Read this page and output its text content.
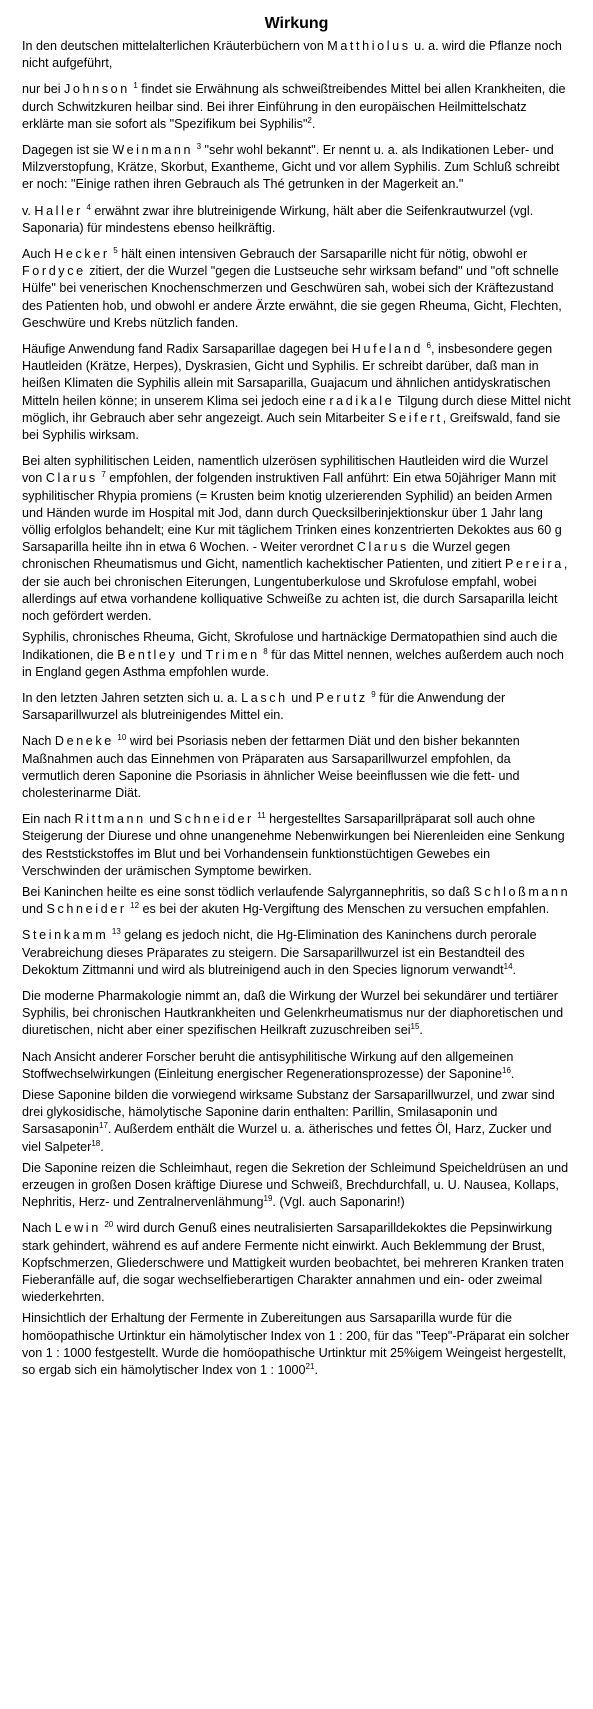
Wirkung

In den deutschen mittelalterlichen Kräuterbüchern von Matthiolus u. a. wird die Pflanze noch nicht aufgeführt,

nur bei Johnson $^1$ findet sie Erwähnung als schweißtreibendes Mittel bei allen Krankheiten, die durch Schwitzkuren heilbar sind. Bei ihrer Einführung in den europäischen Heilmittelschatz erklärte man sie sofort als "Spezifikum bei Syphilis"$^2$.

Dagegen ist sie Weinmann $^3$ "sehr wohl bekannt". Er nennt u. a. als Indikationen Leber- und Milzverstopfung, Krätze, Skorbut, Exantheme, Gicht und vor allem Syphilis. Zum Schluß schreibt er noch: "Einige rathen ihren Gebrauch als Thé getrunken in der Magerkeit an."

v. Haller $^4$ erwähnt zwar ihre blutreinigende Wirkung, hält aber die Seifenkrautwurzel (vgl. Saponaria) für mindestens ebenso heilkräftig.

Auch Hecker $^5$ hält einen intensiven Gebrauch der Sarsaparille nicht für nötig, obwohl er Fordyce zitiert, der die Wurzel "gegen die Lustseuche sehr wirksam befand" und "oft schnelle Hülfe" bei venerischen Knochenschmerzen und Geschwüren sah, wobei sich der Kräftezustand des Patienten hob, und obwohl er andere Ärzte erwähnt, die sie gegen Rheuma, Gicht, Flechten, Geschwüre und Krebs nützlich fanden.

Häufige Anwendung fand Radix Sarsaparillae dagegen bei Hufeland $^6$, insbesondere gegen Hautleiden (Krätze, Herpes), Dyskrasien, Gicht und Syphilis. Er schreibt darüber, daß man in heißen Klimaten die Syphilis allein mit Sarsaparilla, Guajacum und ähnlichen antidyskratischen Mitteln heilen könne; in unserem Klima sei jedoch eine radikale Tilgung durch diese Mittel nicht möglich, ihr Gebrauch aber sehr angezeigt. Auch sein Mitarbeiter Seifert, Greifswald, fand sie bei Syphilis wirksam.

Bei alten syphilitischen Leiden, namentlich ulzerösen syphilitischen Hautleiden wird die Wurzel von Clarus $^7$ empfohlen, der folgenden instruktiven Fall anführt: Ein etwa 50jähriger Mann mit syphilitischer Rhypia promiens (= Krusten beim knotig ulzerierenden Syphilid) an beiden Armen und Händen wurde im Hospital mit Jod, dann durch Quecksilberinjektionskur über 1 Jahr lang völlig erfolglos behandelt; eine Kur mit täglichem Trinken eines konzentrierten Dekoktes aus 60 g Sarsaparilla heilte ihn in etwa 6 Wochen. - Weiter verordnet Clarus die Wurzel gegen chronischen Rheumatismus und Gicht, namentlich kachektischer Patienten, und zitiert Pereira, der sie auch bei chronischen Eiterungen, Lungentuberkulose und Skrofulose empfahl, wobei allerdings auf etwa vorhandene kolliquative Schweiße zu achten ist, die durch Sarsaparilla leicht noch gefördert werden.

Syphilis, chronisches Rheuma, Gicht, Skrofulose und hartnäckige Dermatopathien sind auch die Indikationen, die Bentley und Trimen $^8$ für das Mittel nennen, welches außerdem auch noch in England gegen Asthma empfohlen wurde.

In den letzten Jahren setzten sich u. a. Lasch und Perutz $^9$ für die Anwendung der Sarsaparillwurzel als blutreinigendes Mittel ein.

Nach Deneke $^{10}$ wird bei Psoriasis neben der fettarmen Diät und den bisher bekannten Maßnahmen auch das Einnehmen von Präparaten aus Sarsaparillwurzel empfohlen, da vermutlich deren Saponine die Psoriasis in ähnlicher Weise beeinflussen wie die fett- und cholesterinarme Diät.

Ein nach Rittmann und Schneider $^{11}$ hergestelltes Sarsaparillpräparat soll auch ohne Steigerung der Diurese und ohne unangenehme Nebenwirkungen bei Nierenleiden eine Senkung des Reststickstoffes im Blut und bei Vorhandensein funktionstüchtigen Gewebes ein Verschwinden der urämischen Symptome bewirken.

Bei Kaninchen heilte es eine sonst tödlich verlaufende Salyrgannephritis, so daß Schloßmann und Schneider $^{12}$ es bei der akuten Hg-Vergiftung des Menschen zu versuchen empfahlen.

Steinkamm $^{13}$ gelang es jedoch nicht, die Hg-Elimination des Kaninchens durch perorale Verabreichung dieses Präparates zu steigern. Die Sarsaparillwurzel ist ein Bestandteil des Dekoktum Zittmanni und wird als blutreinigend auch in den Species lignorum verwandt$^{14}$.

Die moderne Pharmakologie nimmt an, daß die Wirkung der Wurzel bei sekundärer und tertiärer Syphilis, bei chronischen Hautkrankheiten und Gelenkrheumatismus nur der diaphoretischen und diuretischen, nicht aber einer spezifischen Heilkraft zuzuschreiben sei$^{15}$.

Nach Ansicht anderer Forscher beruht die antisyphilitische Wirkung auf den allgemeinen Stoffwechselwirkungen (Einleitung energischer Regenerationsprozesse) der Saponine$^{16}$.

Diese Saponine bilden die vorwiegend wirksame Substanz der Sarsaparillwurzel, und zwar sind drei glykosidische, hämolytische Saponine darin enthalten: Parillin, Smilasaponin und Sarsasaponin$^{17}$. Außerdem enthält die Wurzel u. a. ätherisches und fettes Öl, Harz, Zucker und viel Salpeter$^{18}$.

Die Saponine reizen die Schleimhaut, regen die Sekretion der Schleimund Speicheldrüsen an und erzeugen in großen Dosen kräftige Diurese und Schweiß, Brechdurchfall, u. U. Nausea, Kollaps, Nephritis, Herz- und Zentralnervenlähmung$^{19}$. (Vgl. auch Saponarin!)

Nach Lewin $^{20}$ wird durch Genuß eines neutralisierten Sarsaparilldekoktes die Pepsinwirkung stark gehindert, während es auf andere Fermente nicht einwirkt. Auch Beklemmung der Brust, Kopfschmerzen, Gliederschwere und Mattigkeit wurden beobachtet, bei mehreren Kranken traten Fieberanfälle auf, die sogar wechselfieberartigen Charakter annahmen und ein- oder zweimal wiederkehrten.

Hinsichtlich der Erhaltung der Fermente in Zubereitungen aus Sarsaparilla wurde für die homöopathische Urtinktur ein hämolytischer Index von 1 : 200, für das "Teep"-Präparat ein solcher von 1 : 1000 festgestellt. Wurde die homöopathische Urtinktur mit 25%igem Weingeist hergestellt, so ergab sich ein hämolytischer Index von 1 : 1000$^{21}$.
